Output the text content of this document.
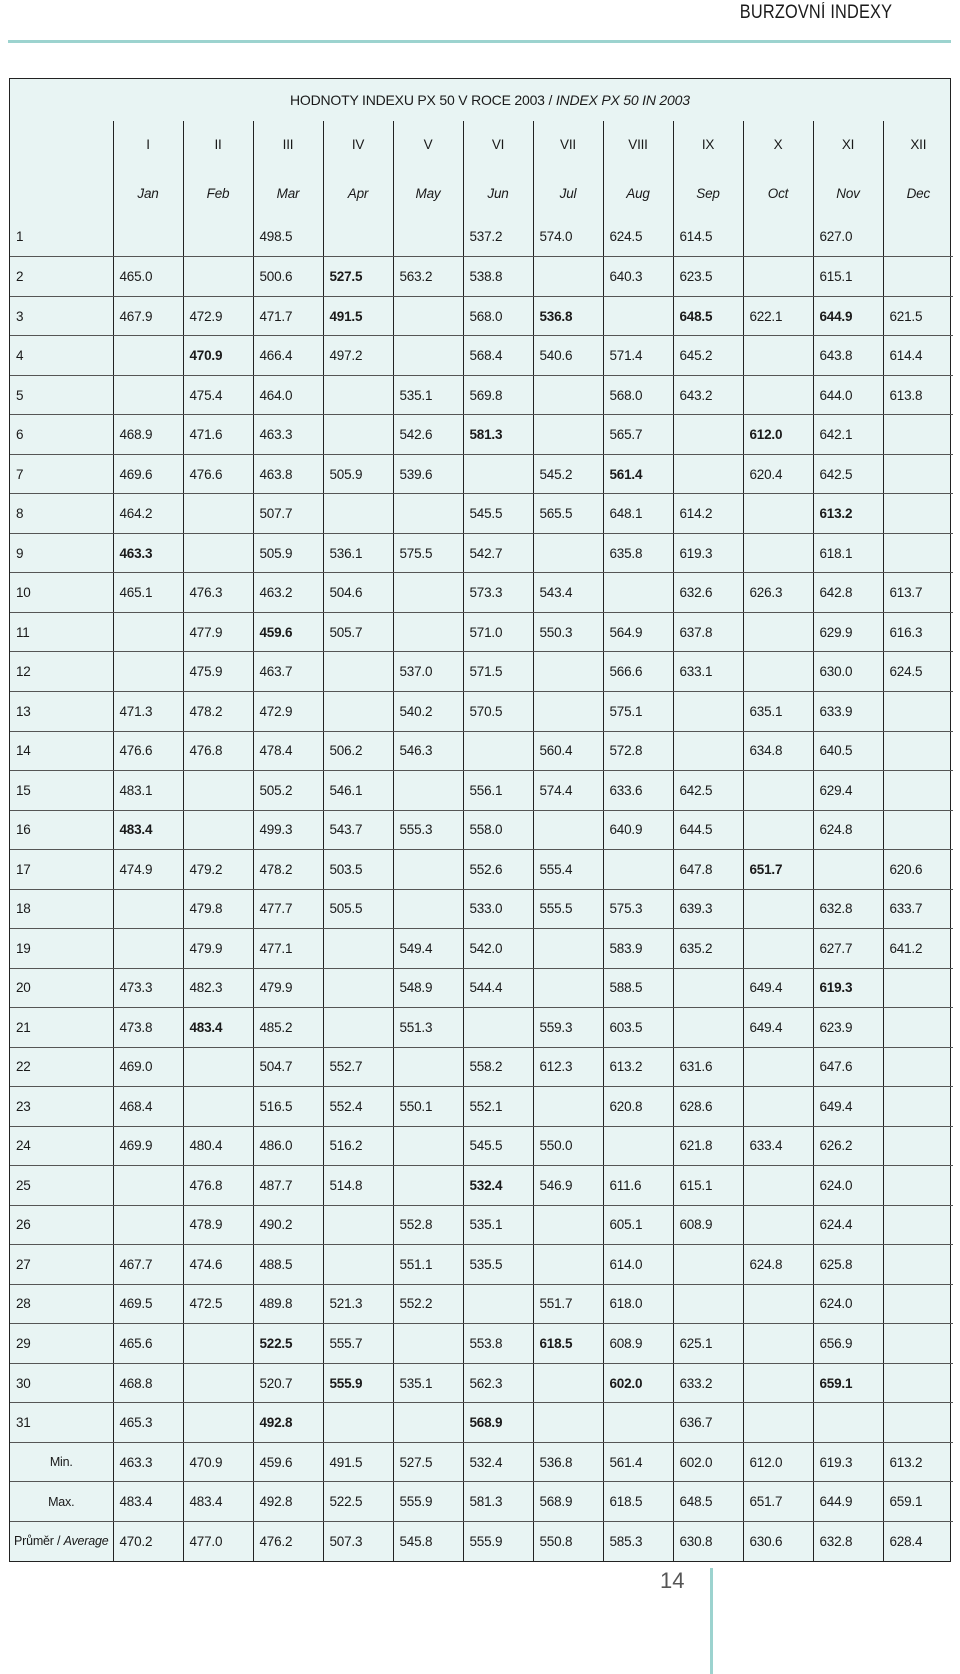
BURZOVNÍ INDEXY
HODNOTY INDEXU PX 50 V ROCE 2003 / INDEX PX 50 IN 2003												
	I	II	III	IV	V	VI	VII	VIII	IX	X	XI	XII
	Jan	Feb	Mar	Apr	May	Jun	Jul	Aug	Sep	Oct	Nov	Dec
1			498.5			537.2	574.0	624.5	614.5		627.0	
2	465.0		500.6	527.5	563.2	538.8		640.3	623.5		615.1	
3	467.9	472.9	471.7	491.5		568.0	536.8		648.5	622.1	644.9	621.5
4		470.9	466.4	497.2		568.4	540.6	571.4	645.2		643.8	614.4
5		475.4	464.0		535.1	569.8		568.0	643.2		644.0	613.8
6	468.9	471.6	463.3		542.6	581.3		565.7		612.0	642.1	
7	469.6	476.6	463.8	505.9	539.6		545.2	561.4		620.4	642.5	
8	464.2		507.7			545.5	565.5	648.1	614.2		613.2	
9	463.3		505.9	536.1	575.5	542.7		635.8	619.3		618.1	
10	465.1	476.3	463.2	504.6		573.3	543.4		632.6	626.3	642.8	613.7
11		477.9	459.6	505.7		571.0	550.3	564.9	637.8		629.9	616.3
12		475.9	463.7		537.0	571.5		566.6	633.1		630.0	624.5
13	471.3	478.2	472.9		540.2	570.5		575.1		635.1	633.9	
14	476.6	476.8	478.4	506.2	546.3		560.4	572.8		634.8	640.5	
15	483.1		505.2	546.1		556.1	574.4	633.6	642.5		629.4	
16	483.4		499.3	543.7	555.3	558.0		640.9	644.5		624.8	
17	474.9	479.2	478.2	503.5		552.6	555.4		647.8	651.7		620.6
18		479.8	477.7	505.5		533.0	555.5	575.3	639.3		632.8	633.7
19		479.9	477.1		549.4	542.0		583.9	635.2		627.7	641.2
20	473.3	482.3	479.9		548.9	544.4		588.5		649.4	619.3	
21	473.8	483.4	485.2		551.3		559.3	603.5		649.4	623.9	
22	469.0		504.7	552.7		558.2	612.3	613.2	631.6		647.6	
23	468.4		516.5	552.4	550.1	552.1		620.8	628.6		649.4	
24	469.9	480.4	486.0	516.2		545.5	550.0		621.8	633.4	626.2	
25		476.8	487.7	514.8		532.4	546.9	611.6	615.1		624.0	
26		478.9	490.2		552.8	535.1		605.1	608.9		624.4	
27	467.7	474.6	488.5		551.1	535.5		614.0		624.8	625.8	
28	469.5	472.5	489.8	521.3	552.2		551.7	618.0			624.0	
29	465.6		522.5	555.7		553.8	618.5	608.9	625.1		656.9	
30	468.8		520.7	555.9	535.1	562.3		602.0	633.2		659.1	
31	465.3		492.8			568.9			636.7			
Min.	463.3	470.9	459.6	491.5	527.5	532.4	536.8	561.4	602.0	612.0	619.3	613.2
Max.	483.4	483.4	492.8	522.5	555.9	581.3	568.9	618.5	648.5	651.7	644.9	659.1
Průměr / Average	470.2	477.0	476.2	507.3	545.8	555.9	550.8	585.3	630.8	630.6	632.8	628.4
14
